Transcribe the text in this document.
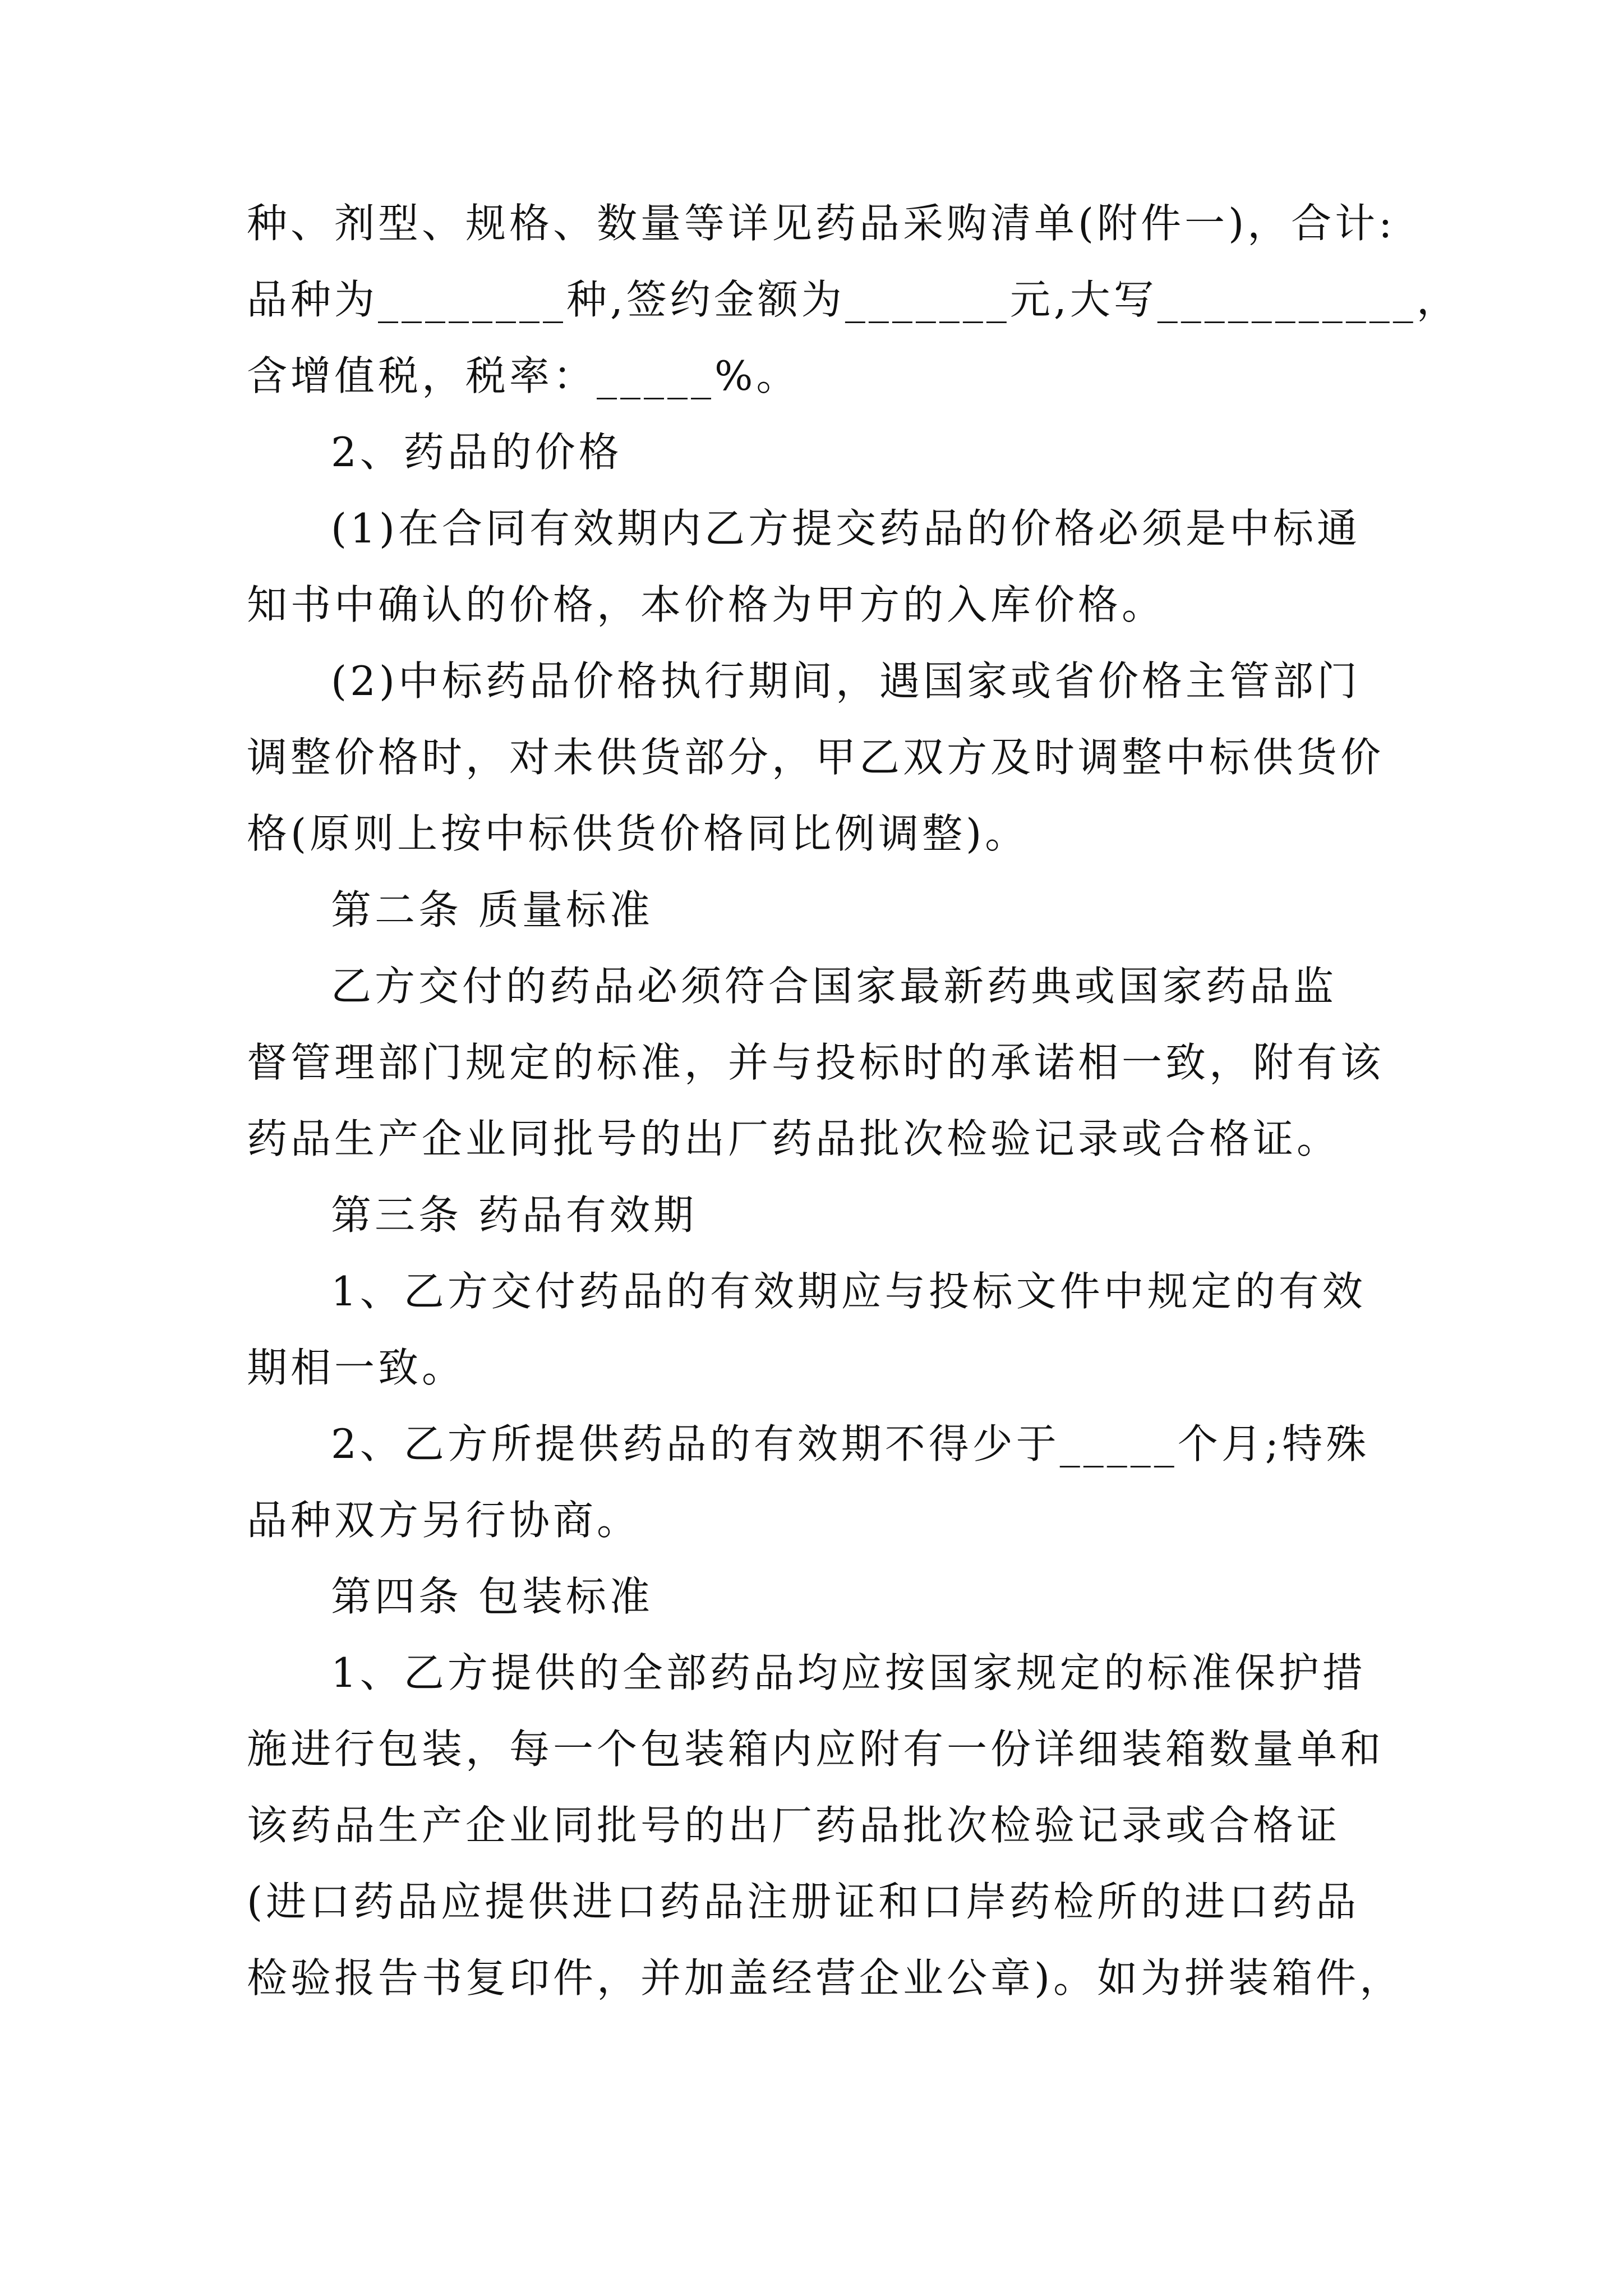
种、剂型、规格、数量等详见药品采购清单(附件一)，合计:
品种为________种,签约金额为_______元,大写___________，
含增值税，税率：_____%。
2、药品的价格
(1)在合同有效期内乙方提交药品的价格必须是中标通
知书中确认的价格，本价格为甲方的入库价格。
(2)中标药品价格执行期间，遇国家或省价格主管部门
调整价格时，对未供货部分，甲乙双方及时调整中标供货价
格(原则上按中标供货价格同比例调整)。
第二条 质量标准
乙方交付的药品必须符合国家最新药典或国家药品监
督管理部门规定的标准，并与投标时的承诺相一致，附有该
药品生产企业同批号的出厂药品批次检验记录或合格证。
第三条 药品有效期
1、乙方交付药品的有效期应与投标文件中规定的有效
期相一致。
2、乙方所提供药品的有效期不得少于_____个月;特殊
品种双方另行协商。
第四条 包装标准
1、乙方提供的全部药品均应按国家规定的标准保护措
施进行包装，每一个包装箱内应附有一份详细装箱数量单和
该药品生产企业同批号的出厂药品批次检验记录或合格证
(进口药品应提供进口药品注册证和口岸药检所的进口药品
检验报告书复印件，并加盖经营企业公章)。如为拼装箱件，
